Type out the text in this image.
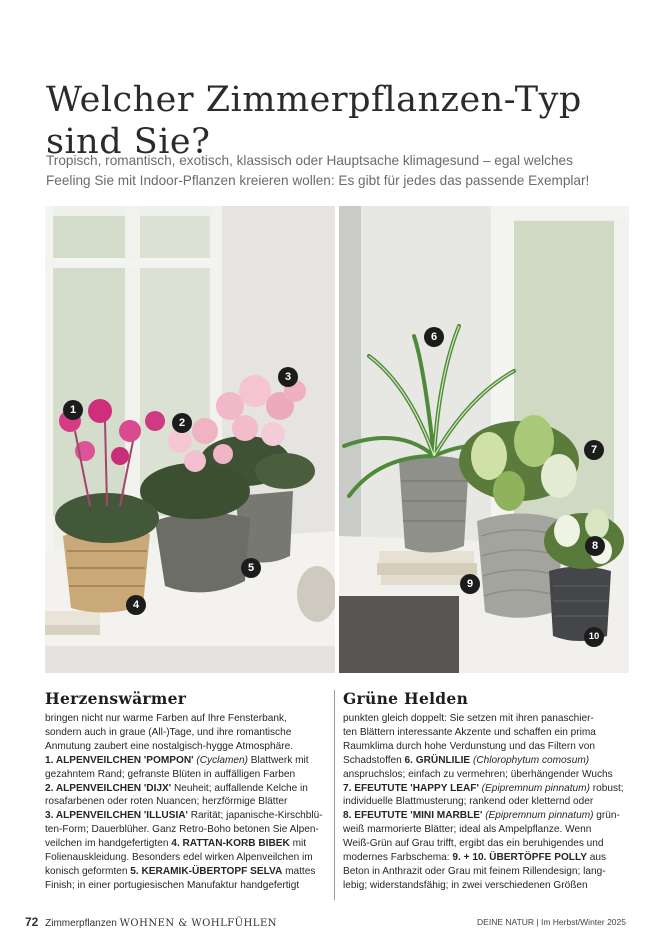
Welcher Zimmerpflanzen-Typ
sind Sie?
Tropisch, romantisch, exotisch, klassisch oder Hauptsache klimagesund – egal welches
Feeling Sie mit Indoor-Pflanzen kreieren wollen: Es gibt für jedes das passende Exemplar!
1
2
3
4
5
6
7
8
9
10
Herzenswärmer
bringen nicht nur warme Farben auf Ihre Fensterbank,
sondern auch in graue (All-)Tage, und ihre romantische
Anmutung zaubert eine nostalgisch-hygge Atmosphäre.
1. ALPENVEILCHEN 'POMPON' (Cyclamen) Blattwerk mit
gezahntem Rand; gefranste Blüten in auffälligen Farben
2. ALPENVEILCHEN 'DIJX' Neuheit; auffallende Kelche in
rosafarbenen oder roten Nuancen; herzförmige Blätter
3. ALPENVEILCHEN 'ILLUSIA' Rarität; japanische-Kirschblü-
ten-Form; Dauerblüher. Ganz Retro-Boho betonen Sie Alpen-
veilchen im handgefertigten 4. RATTAN-KORB BIBEK mit
Folienauskleidung. Besonders edel wirken Alpenveilchen im
konisch geformten 5. KERAMIK-ÜBERTOPF SELVA mattes
Finish; in einer portugiesischen Manufaktur handgefertigt
Grüne Helden
punkten gleich doppelt: Sie setzen mit ihren panaschier-
ten Blättern interessante Akzente und schaffen ein prima
Raumklima durch hohe Verdunstung und das Filtern von
Schadstoffen 6. GRÜNLILIE (Chlorophytum comosum)
anspruchslos; einfach zu vermehren; überhängender Wuchs
7. EFEUTUTE 'HAPPY LEAF' (Epipremnum pinnatum) robust;
individuelle Blattmusterung; rankend oder kletternd oder
8. EFEUTUTE 'MINI MARBLE' (Epipremnum pinnatum) grün-
weiß marmorierte Blätter; ideal als Ampelpflanze. Wenn
Weiß-Grün auf Grau trifft, ergibt das ein beruhigendes und
modernes Farbschema: 9. + 10. ÜBERTÖPFE POLLY aus
Beton in Anthrazit oder Grau mit feinem Rillendesign; lang-
lebig; widerstandsfähig; in zwei verschiedenen Größen
72 Zimmerpflanzen WOHNEN & WOHLFÜHLEN	DEINE NATUR | Im Herbst/Winter 2025
